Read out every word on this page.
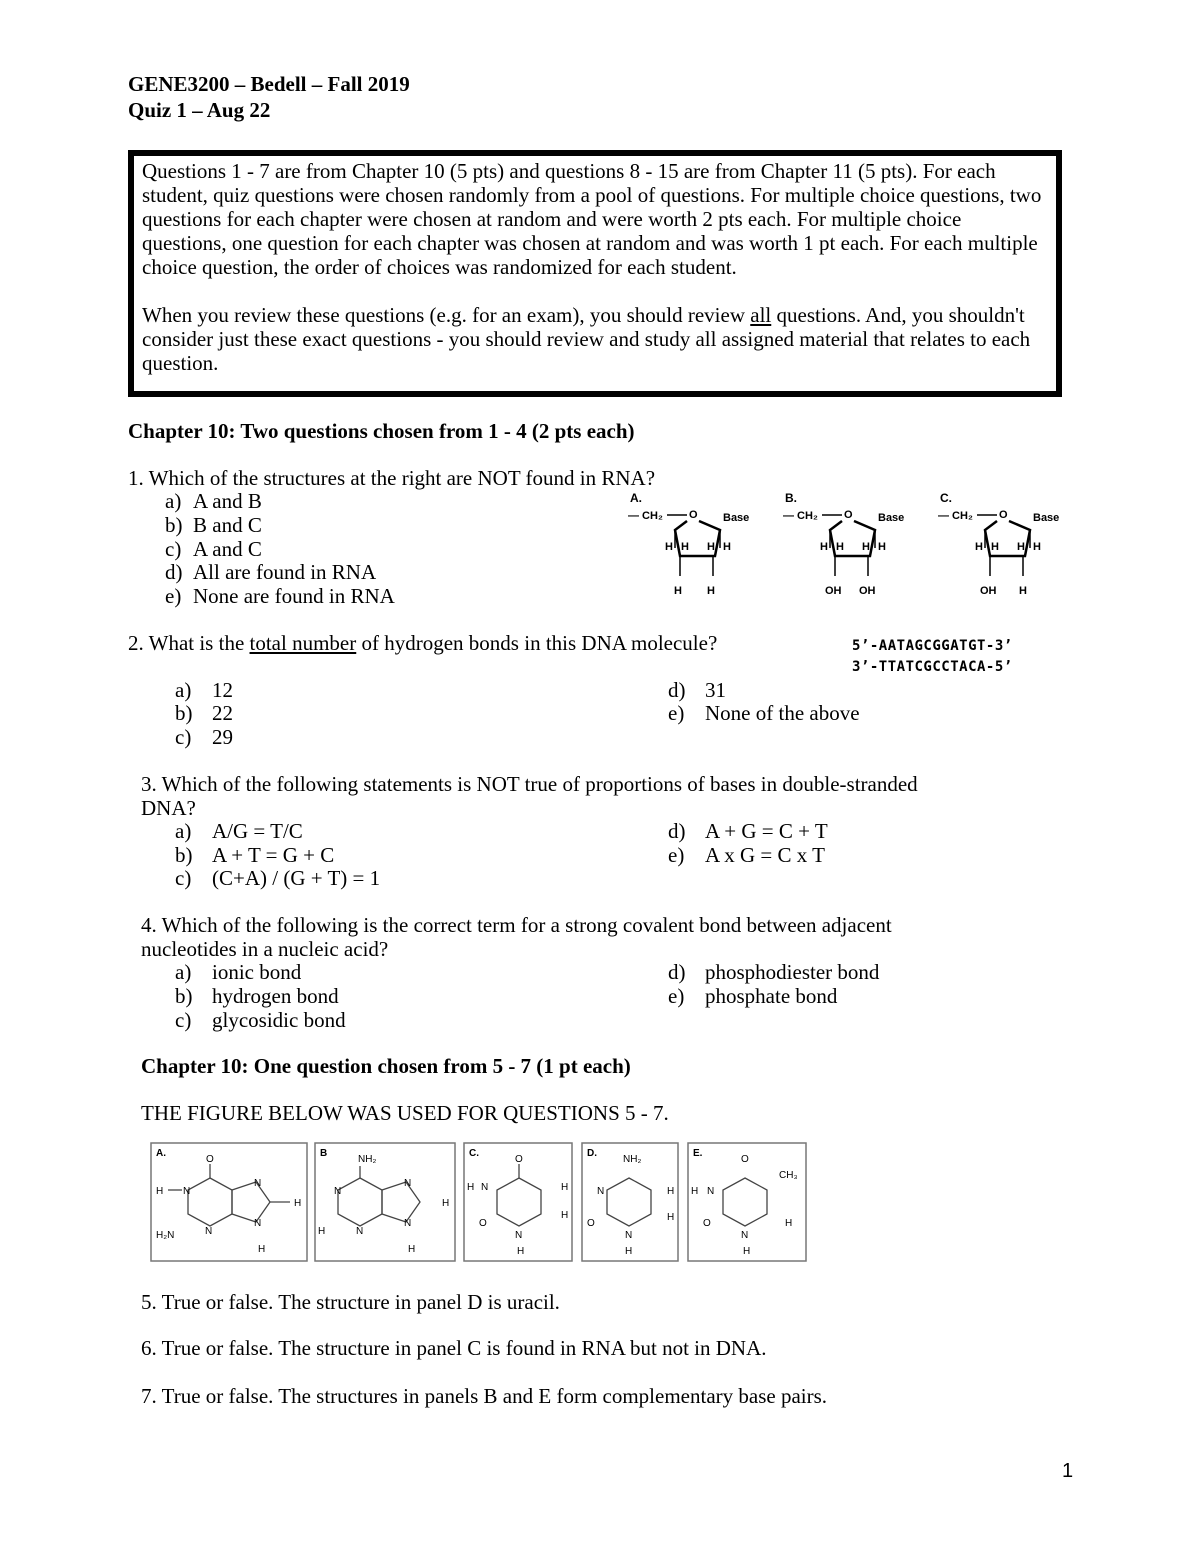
GENE3200 – Bedell – Fall 2019
Quiz 1 – Aug 22

Questions 1 - 7 are from Chapter 10 (5 pts) and questions 8 - 15 are from Chapter 11 (5 pts). For each student, quiz questions were chosen randomly from a pool of questions. For multiple choice questions, two questions for each chapter were chosen at random and were worth 2 pts each. For multiple choice questions, one question for each chapter was chosen at random and was worth 1 pt each. For each multiple choice question, the order of choices was randomized for each student.

When you review these questions (e.g. for an exam), you should review all questions. And, you shouldn't consider just these exact questions - you should review and study all assigned material that relates to each question.

Chapter 10: Two questions chosen from 1 - 4 (2 pts each)
1. Which of the structures at the right are NOT found in RNA?
a) A and B
b) B and C
c) A and C
d) All are found in RNA
e) None are found in RNA
A.
— CH₂ O Base
H H H H
H H
B.
— CH₂ O Base
H H H H
OH OH
C.
— CH₂ O Base
H H H H
OH H
2. What is the total number of hydrogen bonds in this DNA molecule?	5’-AATAGCGGATGT-3’
3’-TTATCGCCTACA-5’
a) 12
b) 22
c) 29
d) 31
e) None of the above
3. Which of the following statements is NOT true of proportions of bases in double-stranded
DNA?
a) A/G = T/C
b) A + T = G + C
c) (C+A) / (G + T) = 1
d) A + G = C + T
e) A x G = C x T
4. Which of the following is the correct term for a strong covalent bond between adjacent
nucleotides in a nucleic acid?
a) ionic bond
b) hydrogen bond
c) glycosidic bond
d) phosphodiester bond
e) phosphate bond
Chapter 10: One question chosen from 5 - 7 (1 pt each)
THE FIGURE BELOW WAS USED FOR QUESTIONS 5 - 7.
A.
O
H N
N
H
H₂N	N
N
H
B
NH₂
N
N
H
N
N
H
H
C.
O
H N	H
H
O
N
H
D.
NH₂
N	H
H
O
N
H
E.
O
CH₃
H N
O
N
H
H
5. True or false. The structure in panel D is uracil.
6. True or false. The structure in panel C is found in RNA but not in DNA.
7. True or false. The structures in panels B and E form complementary base pairs.
1
